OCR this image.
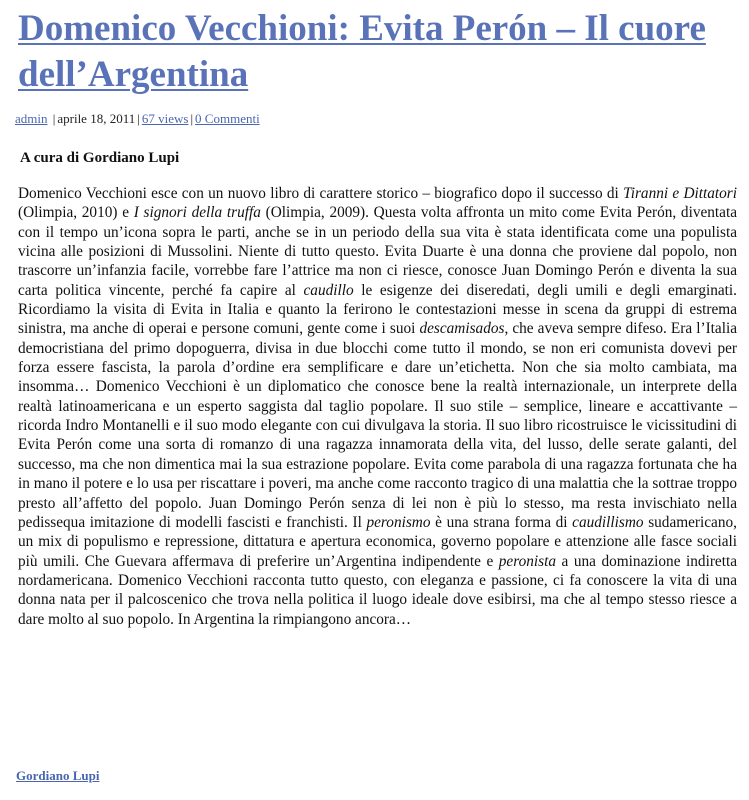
Domenico Vecchioni: Evita Perón – Il cuore dell’Argentina
admin | aprile 18, 2011 | 67 views | 0 Commenti
A cura di Gordiano Lupi

Domenico Vecchioni esce con un nuovo libro di carattere storico – biografico dopo il successo di Tiranni e Dittatori (Olimpia, 2010) e I signori della truffa (Olimpia, 2009). Questa volta affronta un mito come Evita Perón, diventata con il tempo un’icona sopra le parti, anche se in un periodo della sua vita è stata identificata come una populista vicina alle posizioni di Mussolini. Niente di tutto questo. Evita Duarte è una donna che proviene dal popolo, non trascorre un’infanzia facile, vorrebbe fare l’attrice ma non ci riesce, conosce Juan Domingo Perón e diventa la sua carta politica vincente, perché fa capire al caudillo le esigenze dei diseredati, degli umili e degli emarginati. Ricordiamo la visita di Evita in Italia e quanto la ferirono le contestazioni messe in scena da gruppi di estrema sinistra, ma anche di operai e persone comuni, gente come i suoi descamisados, che aveva sempre difeso. Era l’Italia democristiana del primo dopoguerra, divisa in due blocchi come tutto il mondo, se non eri comunista dovevi per forza essere fascista, la parola d’ordine era semplificare e dare un’etichetta. Non che sia molto cambiata, ma insomma… Domenico Vecchioni è un diplomatico che conosce bene la realtà internazionale, un interprete della realtà latinoamericana e un esperto saggista dal taglio popolare. Il suo stile – semplice, lineare e accattivante – ricorda Indro Montanelli e il suo modo elegante con cui divulgava la storia. Il suo libro ricostruisce le vicissitudini di Evita Perón come una sorta di romanzo di una ragazza innamorata della vita, del lusso, delle serate galanti, del successo, ma che non dimentica mai la sua estrazione popolare. Evita come parabola di una ragazza fortunata che ha in mano il potere e lo usa per riscattare i poveri, ma anche come racconto tragico di una malattia che la sottrae troppo presto all’affetto del popolo. Juan Domingo Perón senza di lei non è più lo stesso, ma resta invischiato nella pedissequa imitazione di modelli fascisti e franchisti. Il peronismo è una strana forma di caudillismo sudamericano, un mix di populismo e repressione, dittatura e apertura economica, governo popolare e attenzione alle fasce sociali più umili. Che Guevara affermava di preferire un’Argentina indipendente e peronista a una dominazione indiretta nordamericana. Domenico Vecchioni racconta tutto questo, con eleganza e passione, ci fa conoscere la vita di una donna nata per il palcoscenico che trova nella politica il luogo ideale dove esibirsi, ma che al tempo stesso riesce a dare molto al suo popolo. In Argentina la rimpiangono ancora…

Gordiano Lupi
